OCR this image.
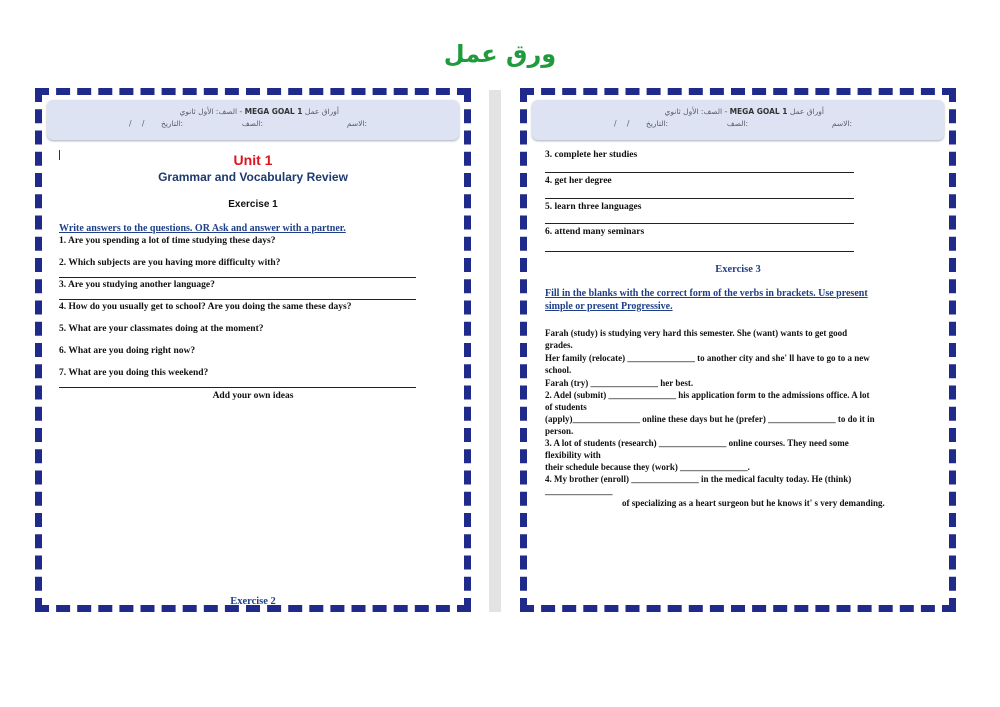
ورق عمل
أوراق عمل MEGA GOAL 1 - الصف: الأول ثانوي
الاسم:
الصف:
التاريخ:
/ /
Unit 1
Grammar and Vocabulary Review
Exercise 1
Write answers to the questions. OR Ask and answer with a partner.
1. Are you spending a lot of time studying these days?
2. Which subjects are you having more difficulty with?
3. Are you studying another language?
4. How do you usually get to school? Are you doing the same these days?
5. What are your classmates doing at the moment?
6. What are you doing right now?
7. What are you doing this weekend?
Add your own ideas
Exercise 2
أوراق عمل MEGA GOAL 1 - الصف: الأول ثانوي
الاسم:
الصف:
التاريخ:
/ /
3. complete her studies
4. get her degree
5. learn three languages
6. attend many seminars
Exercise 3
Fill in the blanks with the correct form of the verbs in brackets. Use present
simple or present Progressive.
Farah (study) is studying very hard this semester. She (want) wants to get good
grades.
Her family (relocate) _______________ to another city and she' ll have to go to a new
school.
Farah (try) _______________ her best.
2. Adel (submit) _______________ his application form to the admissions office. A lot
of students
(apply)_______________ online these days but he (prefer) _______________ to do it in
person.
3. A lot of students (research) _______________ online courses. They need some
flexibility with
their schedule because they (work) _______________.
4. My brother (enroll) _______________ in the medical faculty today. He (think)
_______________
of specializing as a heart surgeon but he knows it' s very demanding.
